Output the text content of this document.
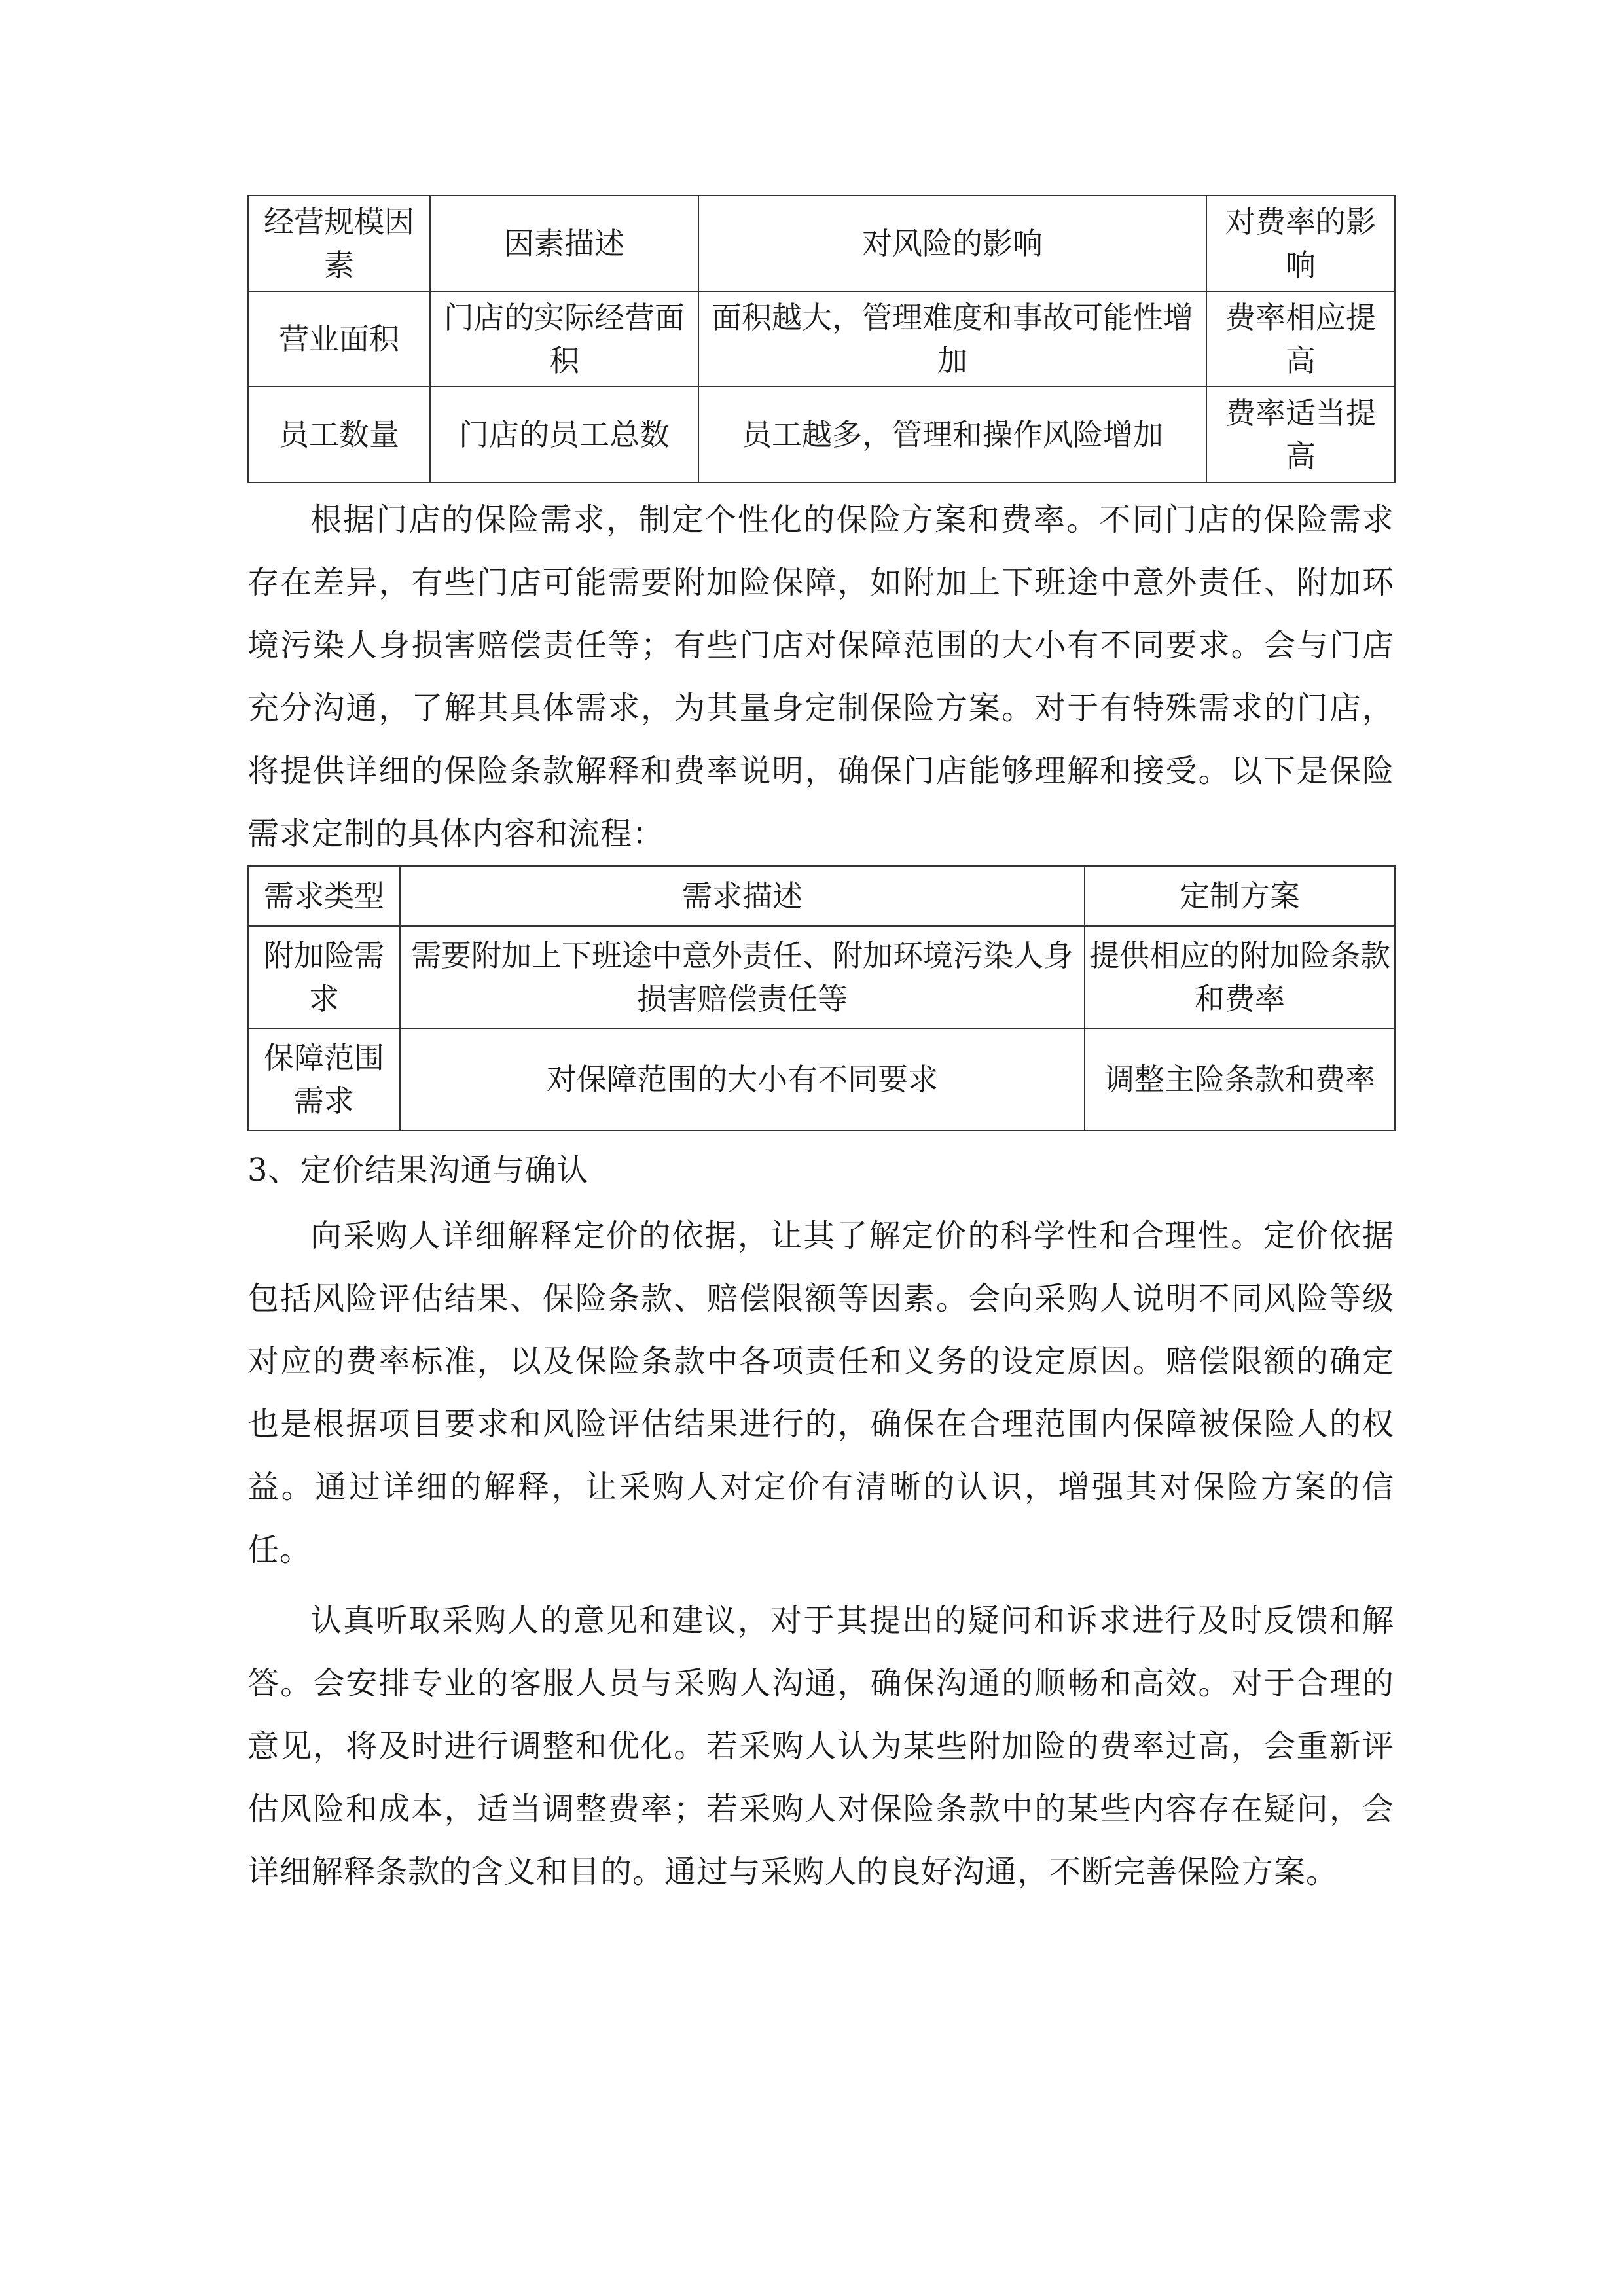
经营规模因素	因素描述	对风险的影响	对费率的影响
营业面积	门店的实际经营面积	面积越大，管理难度和事故可能性增加	费率相应提高
员工数量	门店的员工总数	员工越多，管理和操作风险增加	费率适当提高

根据门店的保险需求，制定个性化的保险方案和费率。不同门店的保险需求存在差异，有些门店可能需要附加险保障，如附加上下班途中意外责任、附加环境污染人身损害赔偿责任等；有些门店对保障范围的大小有不同要求。会与门店充分沟通，了解其具体需求，为其量身定制保险方案。对于有特殊需求的门店，将提供详细的保险条款解释和费率说明，确保门店能够理解和接受。以下是保险需求定制的具体内容和流程：

需求类型	需求描述	定制方案
附加险需求	需要附加上下班途中意外责任、附加环境污染人身损害赔偿责任等	提供相应的附加险条款和费率
保障范围需求	对保障范围的大小有不同要求	调整主险条款和费率

3、定价结果沟通与确认

向采购人详细解释定价的依据，让其了解定价的科学性和合理性。定价依据包括风险评估结果、保险条款、赔偿限额等因素。会向采购人说明不同风险等级对应的费率标准，以及保险条款中各项责任和义务的设定原因。赔偿限额的确定也是根据项目要求和风险评估结果进行的，确保在合理范围内保障被保险人的权益。通过详细的解释，让采购人对定价有清晰的认识，增强其对保险方案的信任。

认真听取采购人的意见和建议，对于其提出的疑问和诉求进行及时反馈和解答。会安排专业的客服人员与采购人沟通，确保沟通的顺畅和高效。对于合理的意见，将及时进行调整和优化。若采购人认为某些附加险的费率过高，会重新评估风险和成本，适当调整费率；若采购人对保险条款中的某些内容存在疑问，会详细解释条款的含义和目的。通过与采购人的良好沟通，不断完善保险方案。
